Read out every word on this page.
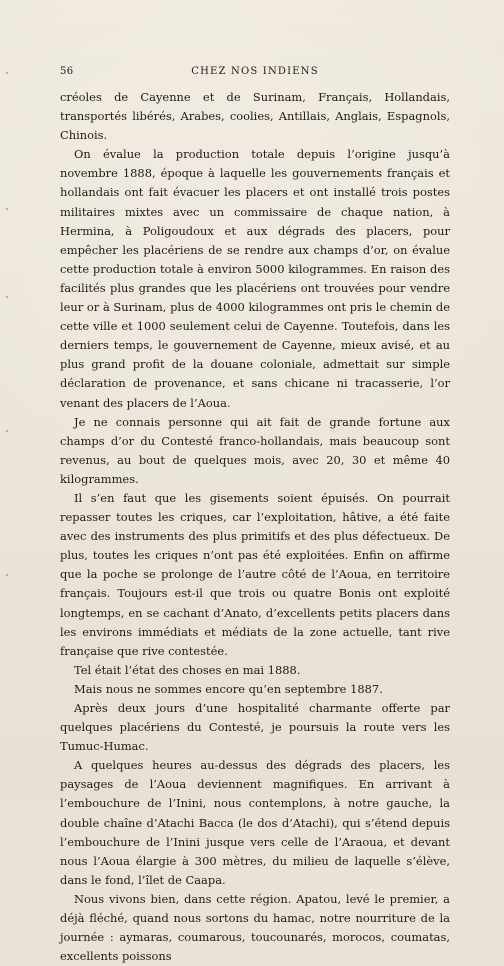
56	CHEZ NOS INDIENS

créoles de Cayenne et de Surinam, Français, Hollandais, transportés libérés, Arabes, coolies, Antillais, Anglais, Espagnols, Chinois.

On évalue la production totale depuis l’origine jusqu’à novembre 1888, époque à laquelle les gouvernements français et hollandais ont fait évacuer les placers et ont installé trois postes militaires mixtes avec un commissaire de chaque nation, à Hermina, à Poligoudoux et aux dégrads des placers, pour empêcher les placériens de se rendre aux champs d’or, on évalue cette production totale à environ 5000 kilogrammes. En raison des facilités plus grandes que les placériens ont trouvées pour vendre leur or à Surinam, plus de 4000 kilogrammes ont pris le chemin de cette ville et 1000 seulement celui de Cayenne. Toutefois, dans les derniers temps, le gouvernement de Cayenne, mieux avisé, et au plus grand profit de la douane coloniale, admettait sur simple déclaration de provenance, et sans chicane ni tracasserie, l’or venant des placers de l’Aoua.

Je ne connais personne qui ait fait de grande fortune aux champs d’or du Contesté franco-hollandais, mais beaucoup sont revenus, au bout de quelques mois, avec 20, 30 et même 40 kilogrammes.

Il s’en faut que les gisements soient épuisés. On pourrait repasser toutes les criques, car l’exploitation, hâtive, a été faite avec des instruments des plus primitifs et des plus défectueux. De plus, toutes les criques n’ont pas été exploitées. Enfin on affirme que la poche se prolonge de l’autre côté de l’Aoua, en territoire français. Toujours est-il que trois ou quatre Bonis ont exploité longtemps, en se cachant d’Anato, d’excellents petits placers dans les environs immédiats et médiats de la zone actuelle, tant rive française que rive contestée.

Tel était l’état des choses en mai 1888.

Mais nous ne sommes encore qu’en septembre 1887.

Après deux jours d’une hospitalité charmante offerte par quelques placériens du Contesté, je poursuis la route vers les Tumuc-Humac.

A quelques heures au-dessus des dégrads des placers, les paysages de l’Aoua deviennent magnifiques. En arrivant à l’embouchure de l’Inini, nous contemplons, à notre gauche, la double chaîne d’Atachi Bacca (le dos d’Atachi), qui s’étend depuis l’embouchure de l’Inini jusque vers celle de l’Araoua, et devant nous l’Aoua élargie à 300 mètres, du milieu de laquelle s’élève, dans le fond, l’îlet de Caapa.

Nous vivons bien, dans cette région. Apatou, levé le premier, a déjà fléché, quand nous sortons du hamac, notre nourriture de la journée : aymaras, coumarous, toucounarés, morocos, coumatas, excellents poissons
